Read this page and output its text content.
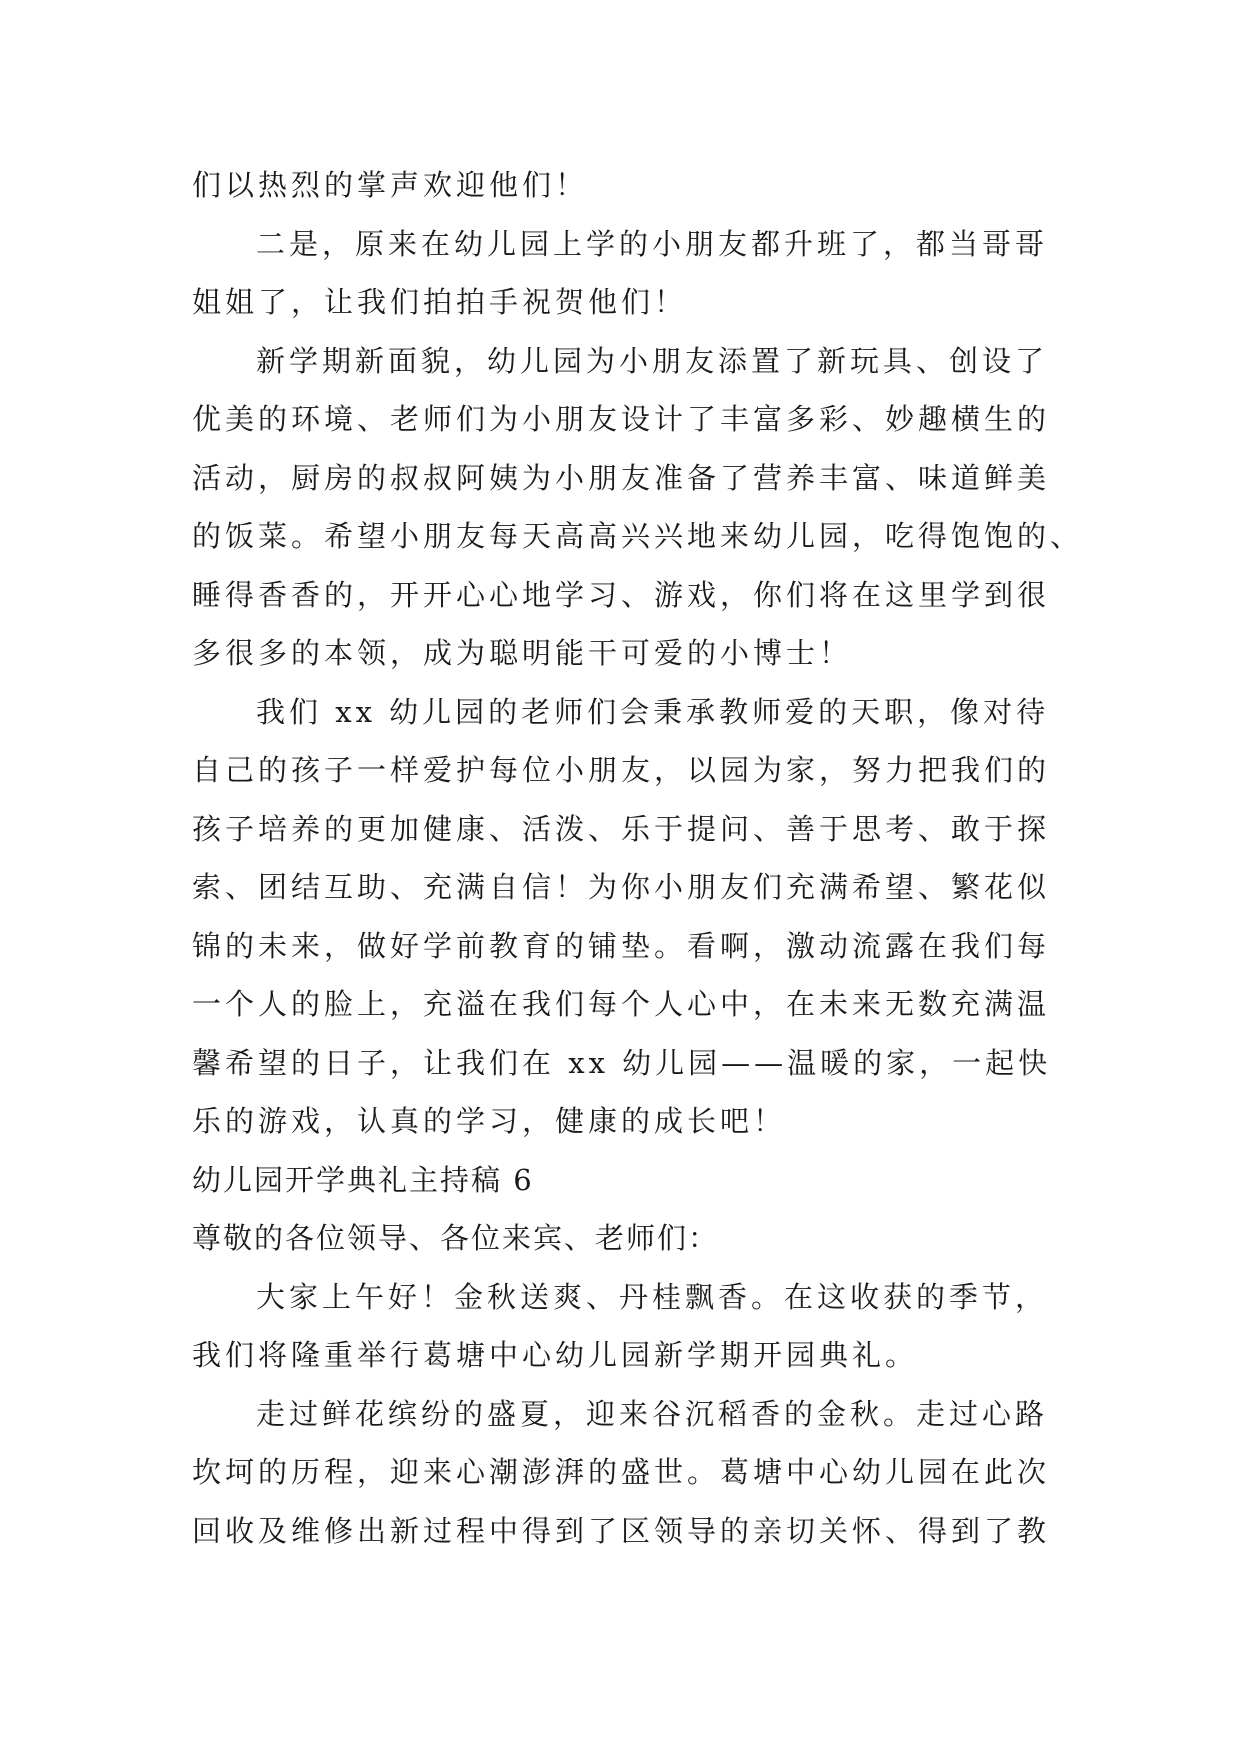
们以热烈的掌声欢迎他们！

二是，原来在幼儿园上学的小朋友都升班了，都当哥哥

姐姐了，让我们拍拍手祝贺他们！

新学期新面貌，幼儿园为小朋友添置了新玩具、创设了

优美的环境、老师们为小朋友设计了丰富多彩、妙趣横生的

活动，厨房的叔叔阿姨为小朋友准备了营养丰富、味道鲜美

的饭菜。希望小朋友每天高高兴兴地来幼儿园，吃得饱饱的、

睡得香香的，开开心心地学习、游戏，你们将在这里学到很

多很多的本领，成为聪明能干可爱的小博士！

我们 xx 幼儿园的老师们会秉承教师爱的天职，像对待

自己的孩子一样爱护每位小朋友，以园为家，努力把我们的

孩子培养的更加健康、活泼、乐于提问、善于思考、敢于探

索、团结互助、充满自信！为你小朋友们充满希望、繁花似

锦的未来，做好学前教育的铺垫。看啊，激动流露在我们每

一个人的脸上，充溢在我们每个人心中，在未来无数充满温

馨希望的日子，让我们在 xx 幼儿园——温暖的家，一起快

乐的游戏，认真的学习，健康的成长吧！

幼儿园开学典礼主持稿 6

尊敬的各位领导、各位来宾、老师们：

大家上午好！金秋送爽、丹桂飘香。在这收获的季节，

我们将隆重举行葛塘中心幼儿园新学期开园典礼。

走过鲜花缤纷的盛夏，迎来谷沉稻香的金秋。走过心路

坎坷的历程，迎来心潮澎湃的盛世。葛塘中心幼儿园在此次

回收及维修出新过程中得到了区领导的亲切关怀、得到了教
